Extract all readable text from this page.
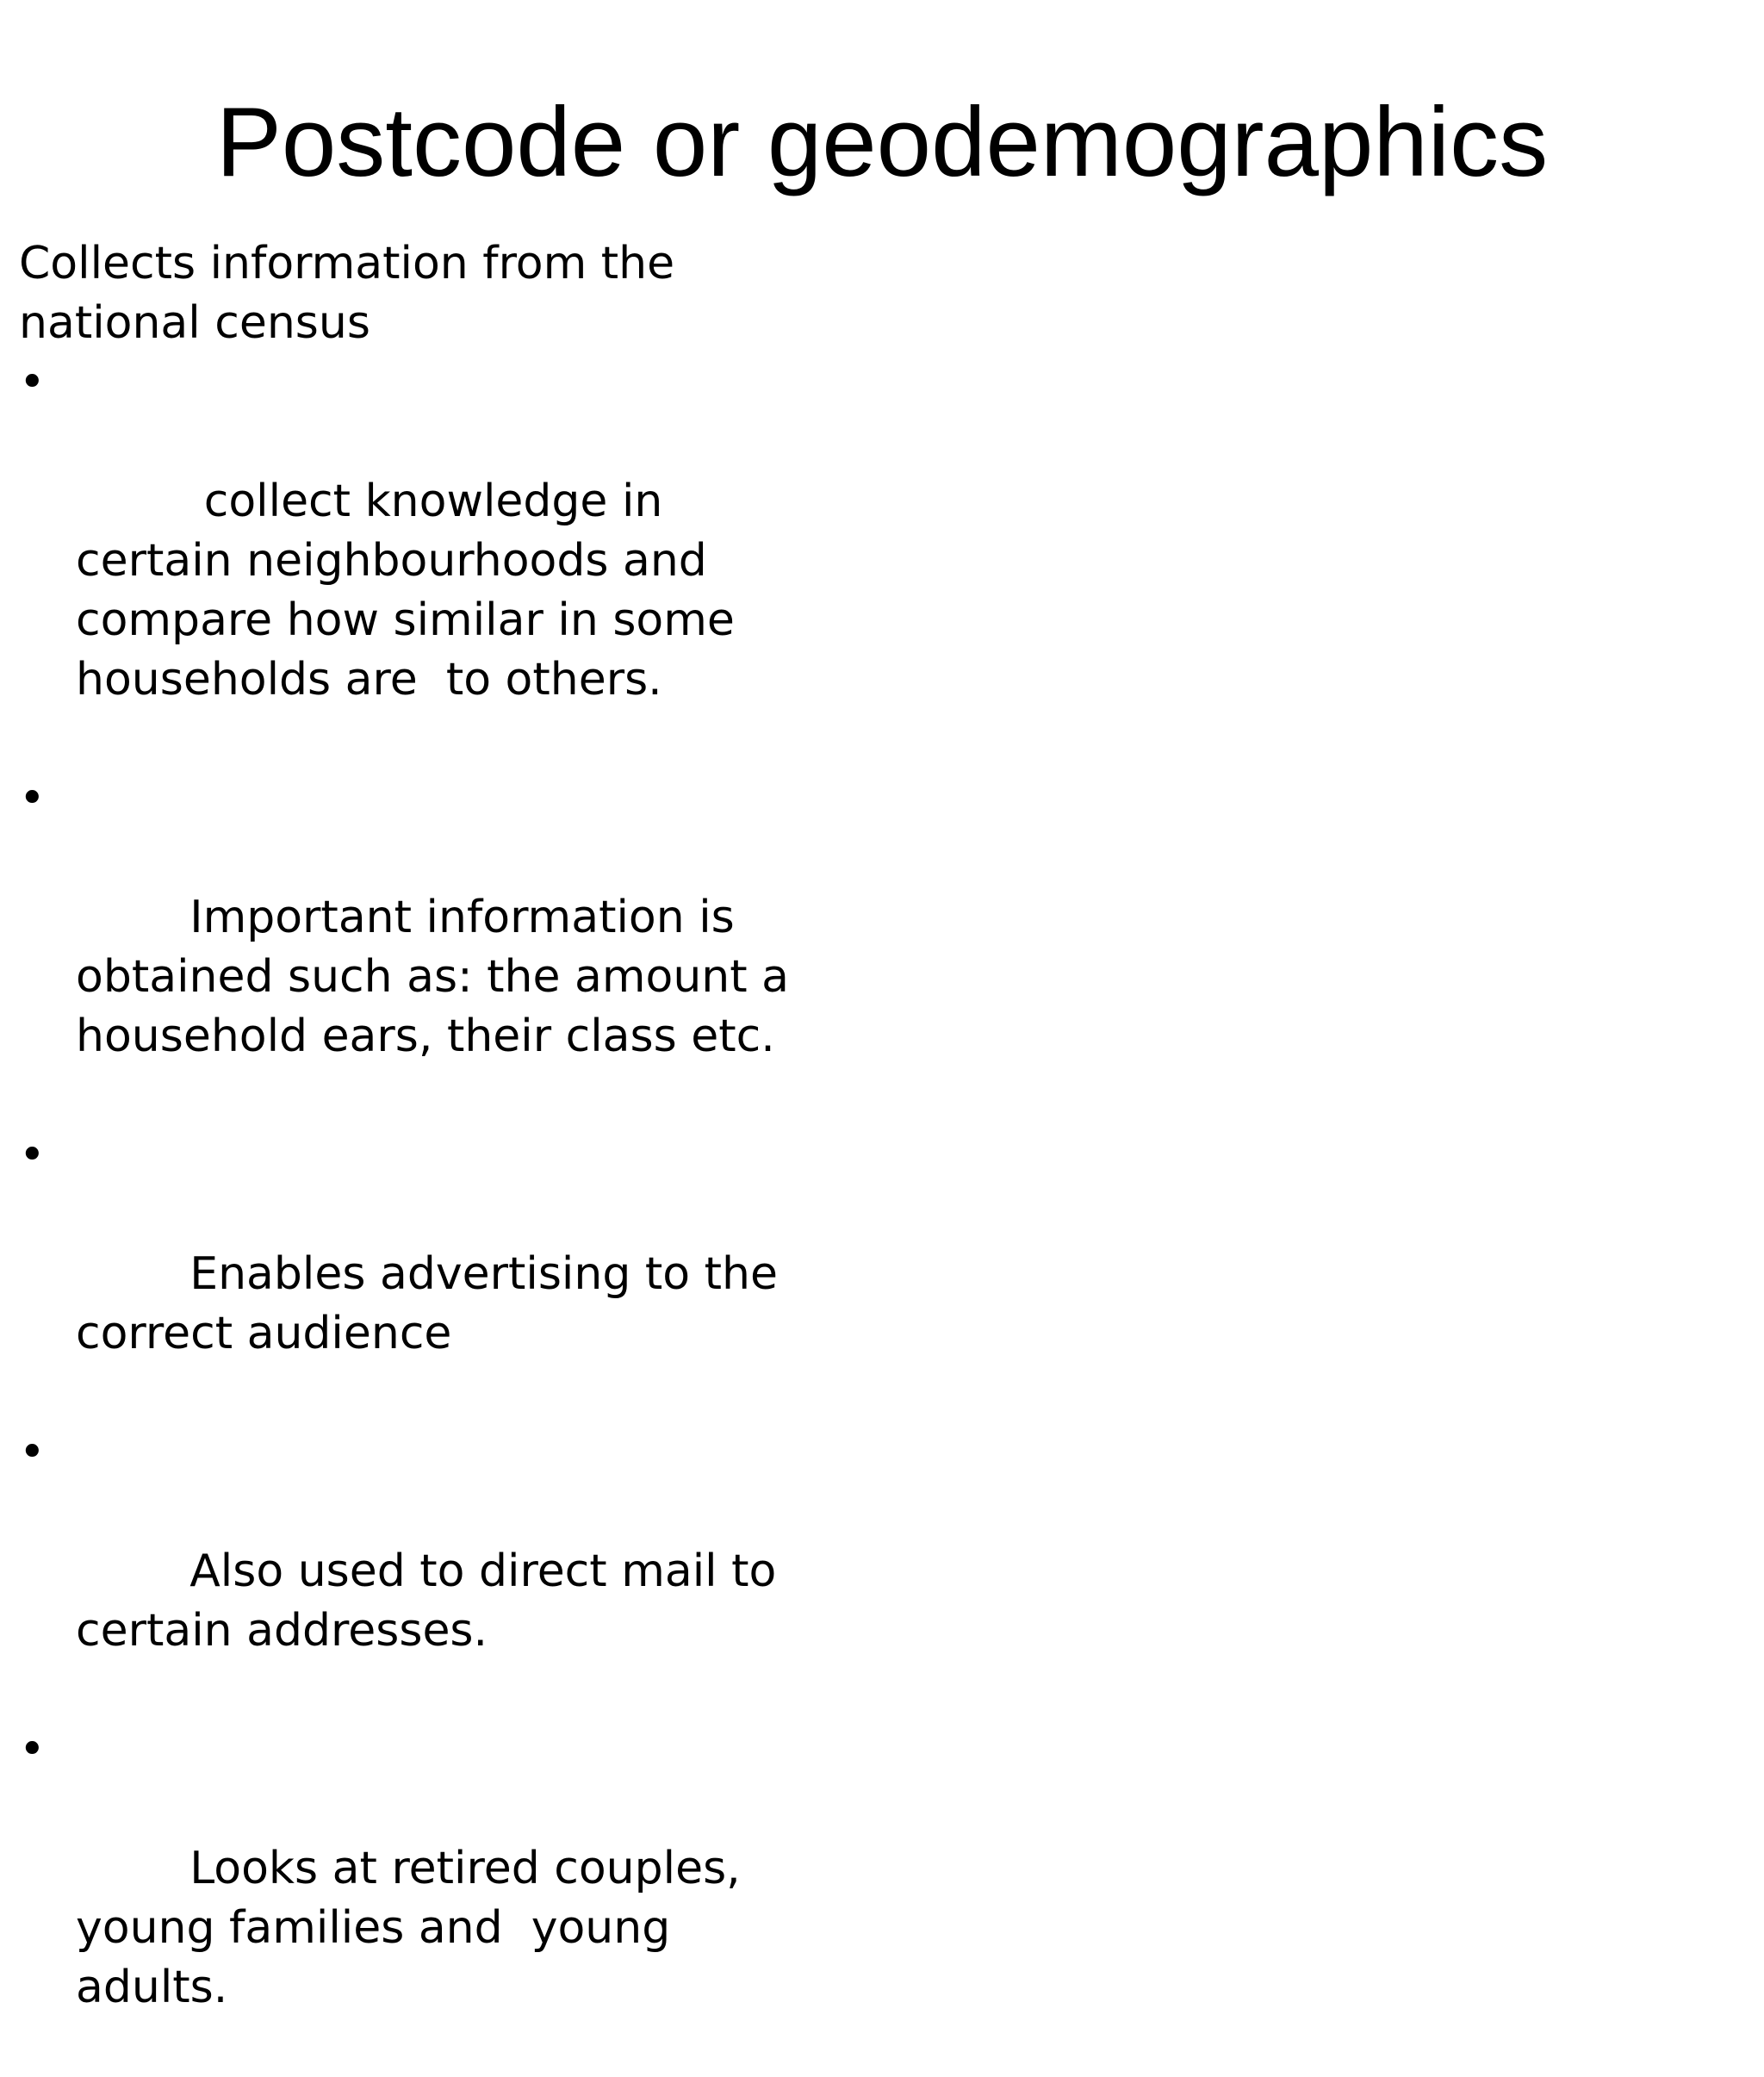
Postcode or geodemographics

Collects information from the national census

•

collect knowledge in certain neighbourhoods and compare how similar in some households are  to others.

•

Important information is obtained such as: the amount a household ears, their class etc.

•

Enables advertising to the correct audience

•

Also used to direct mail to certain addresses.

•

Looks at retired couples, young families and  young adults.
